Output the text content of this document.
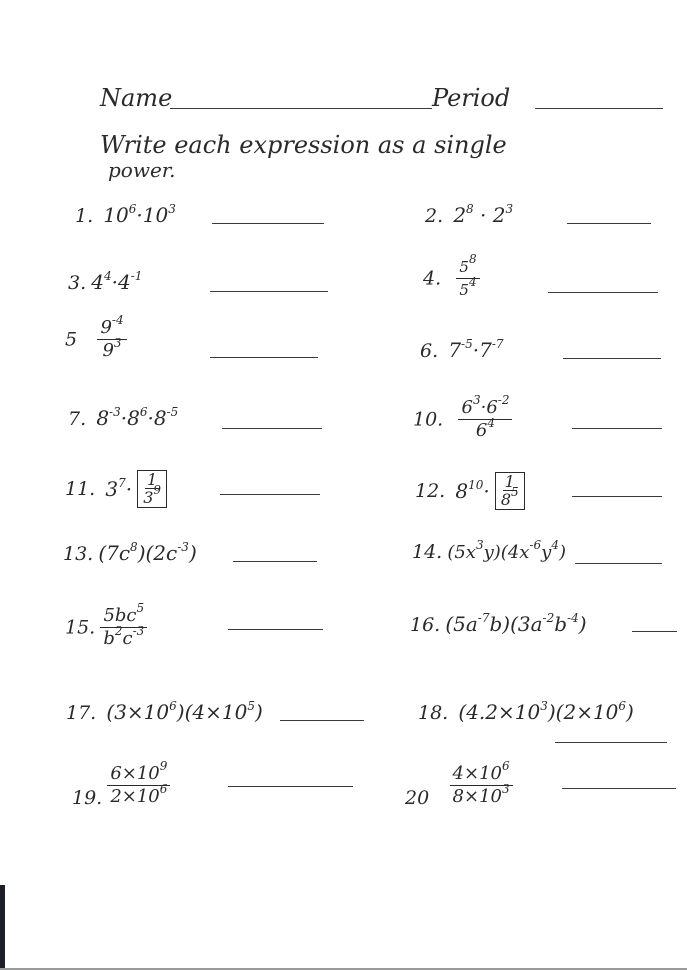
Name	Period
Write each expression as a single
power.
1. $10^6\cdot 10^3$	2. $2^8 \cdot 2^3$
3. $4^4\cdot 4^{-1}$	4. $\frac{5^8}{5^4}$
$5 \frac{9^{-4}}{9^3}$	6. $7^{-5}\cdot 7^{-7}$
7. $8^{-3}\cdot 8^6\cdot 8^{-5}$	10. $\frac{6^3\cdot 6^{-2}}{6^4}$
11. $3^7\cdot \frac{1}{3^9}$	12. $8^{10}\cdot \frac{1}{8^5}$
13. $(7c^8)(2c^{-3})$	14. $(5x^3y)(4x^{-6}y^4)$
15. $\frac{5bc^5}{b^2c^{-3}}$	16. $(5a^{-7}b)(3a^{-2}b^{-4})$
17. $(3\times 10^6)(4\times 10^5)$	18. $(4.2\times 10^3)(2\times 10^6)$
19. $\frac{6\times 10^9}{2\times 10^6}$	$20 \frac{4\times 10^6}{8\times 10^3}$
